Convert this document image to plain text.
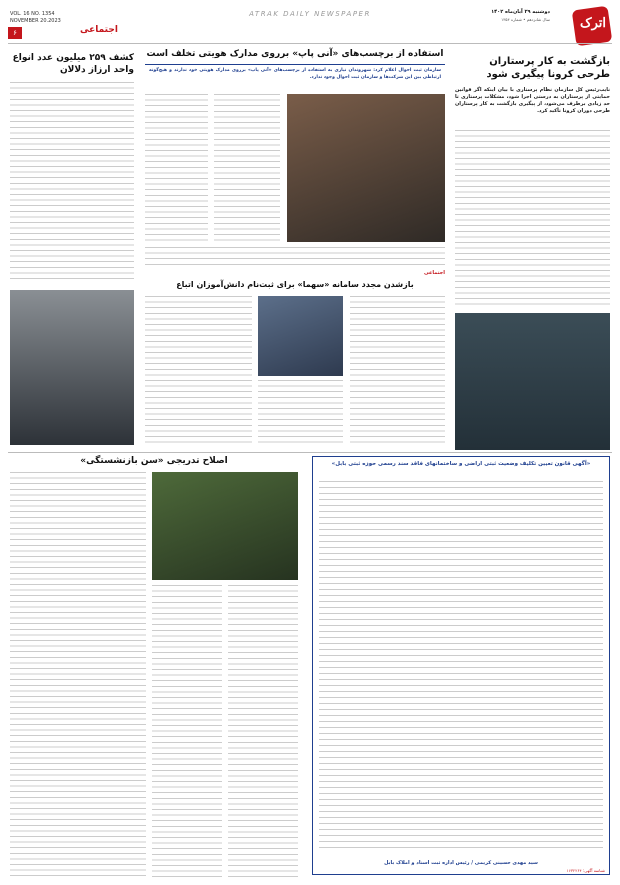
اترک
دوشنبه ۲۹ آبان‌ماه ۱۴۰۲
سال شانزدهم • شماره ۱۳۵۴
ATRAK DAILY NEWSPAPER
VOL. 16 NO. 1354
NOVEMBER 20.2023
۶	اجتماعی
بازگشت به کار پرستاران طرحی کرونا پیگیری شود
نایب‌رئیس کل سازمان نظام پرستاری با بیان اینکه اگر قوانین حمایتی از پرستاران به درستی اجرا شود، مشکلات پرستاری تا حد زیادی برطرف می‌شود، از پیگیری بازگشت به کار پرستاران طرحی دوران کرونا تأکید کرد.
استفاده از برچسب‌های «آنی پاپ» برروی مدارک هویتی تخلف است
سازمان ثبت احوال اعلام کرد: شهروندان نیازی به استفاده از برچسب‌های «آنی پاپ» برروی مدارک هویتی خود ندارند و هیچ‌گونه ارتباطی بین این شرکت‌ها و سازمان ثبت احوال وجود ندارد.
اجتماعی
بازشدن مجدد سامانه «سهما» برای ثبت‌نام دانش‌آموزان اتباع
کشف ۲۵۹ میلیون عدد انواع واحد ارزاز دلالان
اصلاح تدریجی «سن بازنشستگی»	«آگهی قانون تعیین تکلیف وضعیت ثبتی اراضی و ساختمانهای فاقد سند رسمی حوزه ثبتی بابل»
سید مهدی حسینی کریمی / رئیس اداره ثبت اسناد و املاک بابل
شناسه آگهی: ۱۶۳۲۲۶۴
